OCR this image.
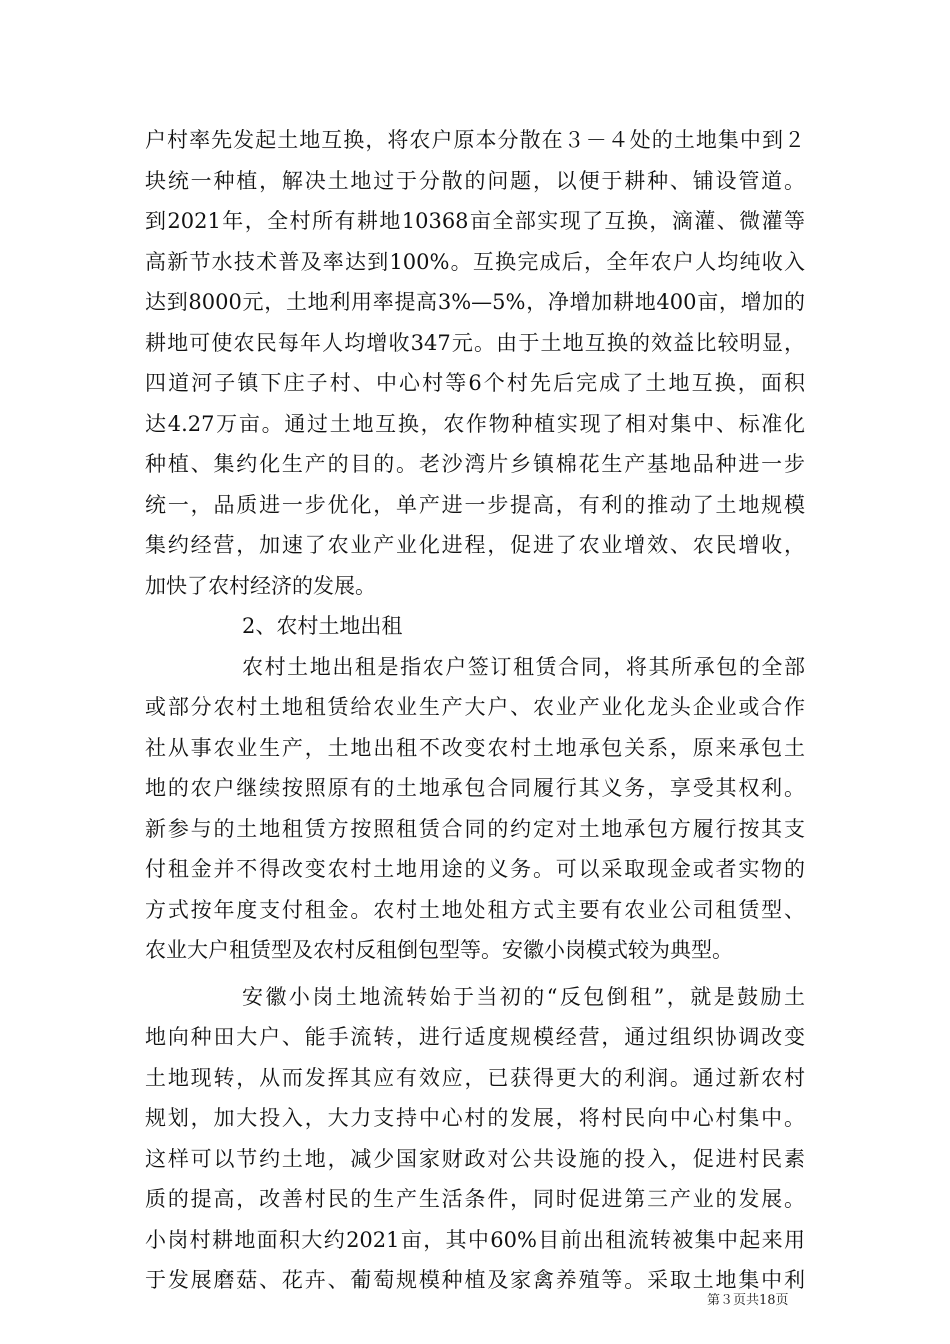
户村率先发起土地互换，将农户原本分散在３－４处的土地集中到２
块统一种植，解决土地过于分散的问题，以便于耕种、铺设管道。
到2021年，全村所有耕地10368亩全部实现了互换，滴灌、微灌等
高新节水技术普及率达到100%。互换完成后，全年农户人均纯收入
达到8000元，土地利用率提高3%—5%，净增加耕地400亩，增加的
耕地可使农民每年人均增收347元。由于土地互换的效益比较明显，
四道河子镇下庄子村、中心村等6个村先后完成了土地互换，面积
达4.27万亩。通过土地互换，农作物种植实现了相对集中、标准化
种植、集约化生产的目的。老沙湾片乡镇棉花生产基地品种进一步
统一，品质进一步优化，单产进一步提高，有利的推动了土地规模
集约经营，加速了农业产业化进程，促进了农业增效、农民增收，
加快了农村经济的发展。
2、农村土地出租
农村土地出租是指农户签订租赁合同，将其所承包的全部
或部分农村土地租赁给农业生产大户、农业产业化龙头企业或合作
社从事农业生产，土地出租不改变农村土地承包关系，原来承包土
地的农户继续按照原有的土地承包合同履行其义务，享受其权利。
新参与的土地租赁方按照租赁合同的约定对土地承包方履行按其支
付租金并不得改变农村土地用途的义务。可以采取现金或者实物的
方式按年度支付租金。农村土地处租方式主要有农业公司租赁型、
农业大户租赁型及农村反租倒包型等。安徽小岗模式较为典型。
安徽小岗土地流转始于当初的“反包倒租”，就是鼓励土
地向种田大户、能手流转，进行适度规模经营，通过组织协调改变
土地现转，从而发挥其应有效应，已获得更大的利润。通过新农村
规划，加大投入，大力支持中心村的发展，将村民向中心村集中。
这样可以节约土地，减少国家财政对公共设施的投入，促进村民素
质的提高，改善村民的生产生活条件，同时促进第三产业的发展。
小岗村耕地面积大约2021亩，其中60%目前出租流转被集中起来用
于发展磨菇、花卉、葡萄规模种植及家禽养殖等。采取土地集中利
第３页共18页
